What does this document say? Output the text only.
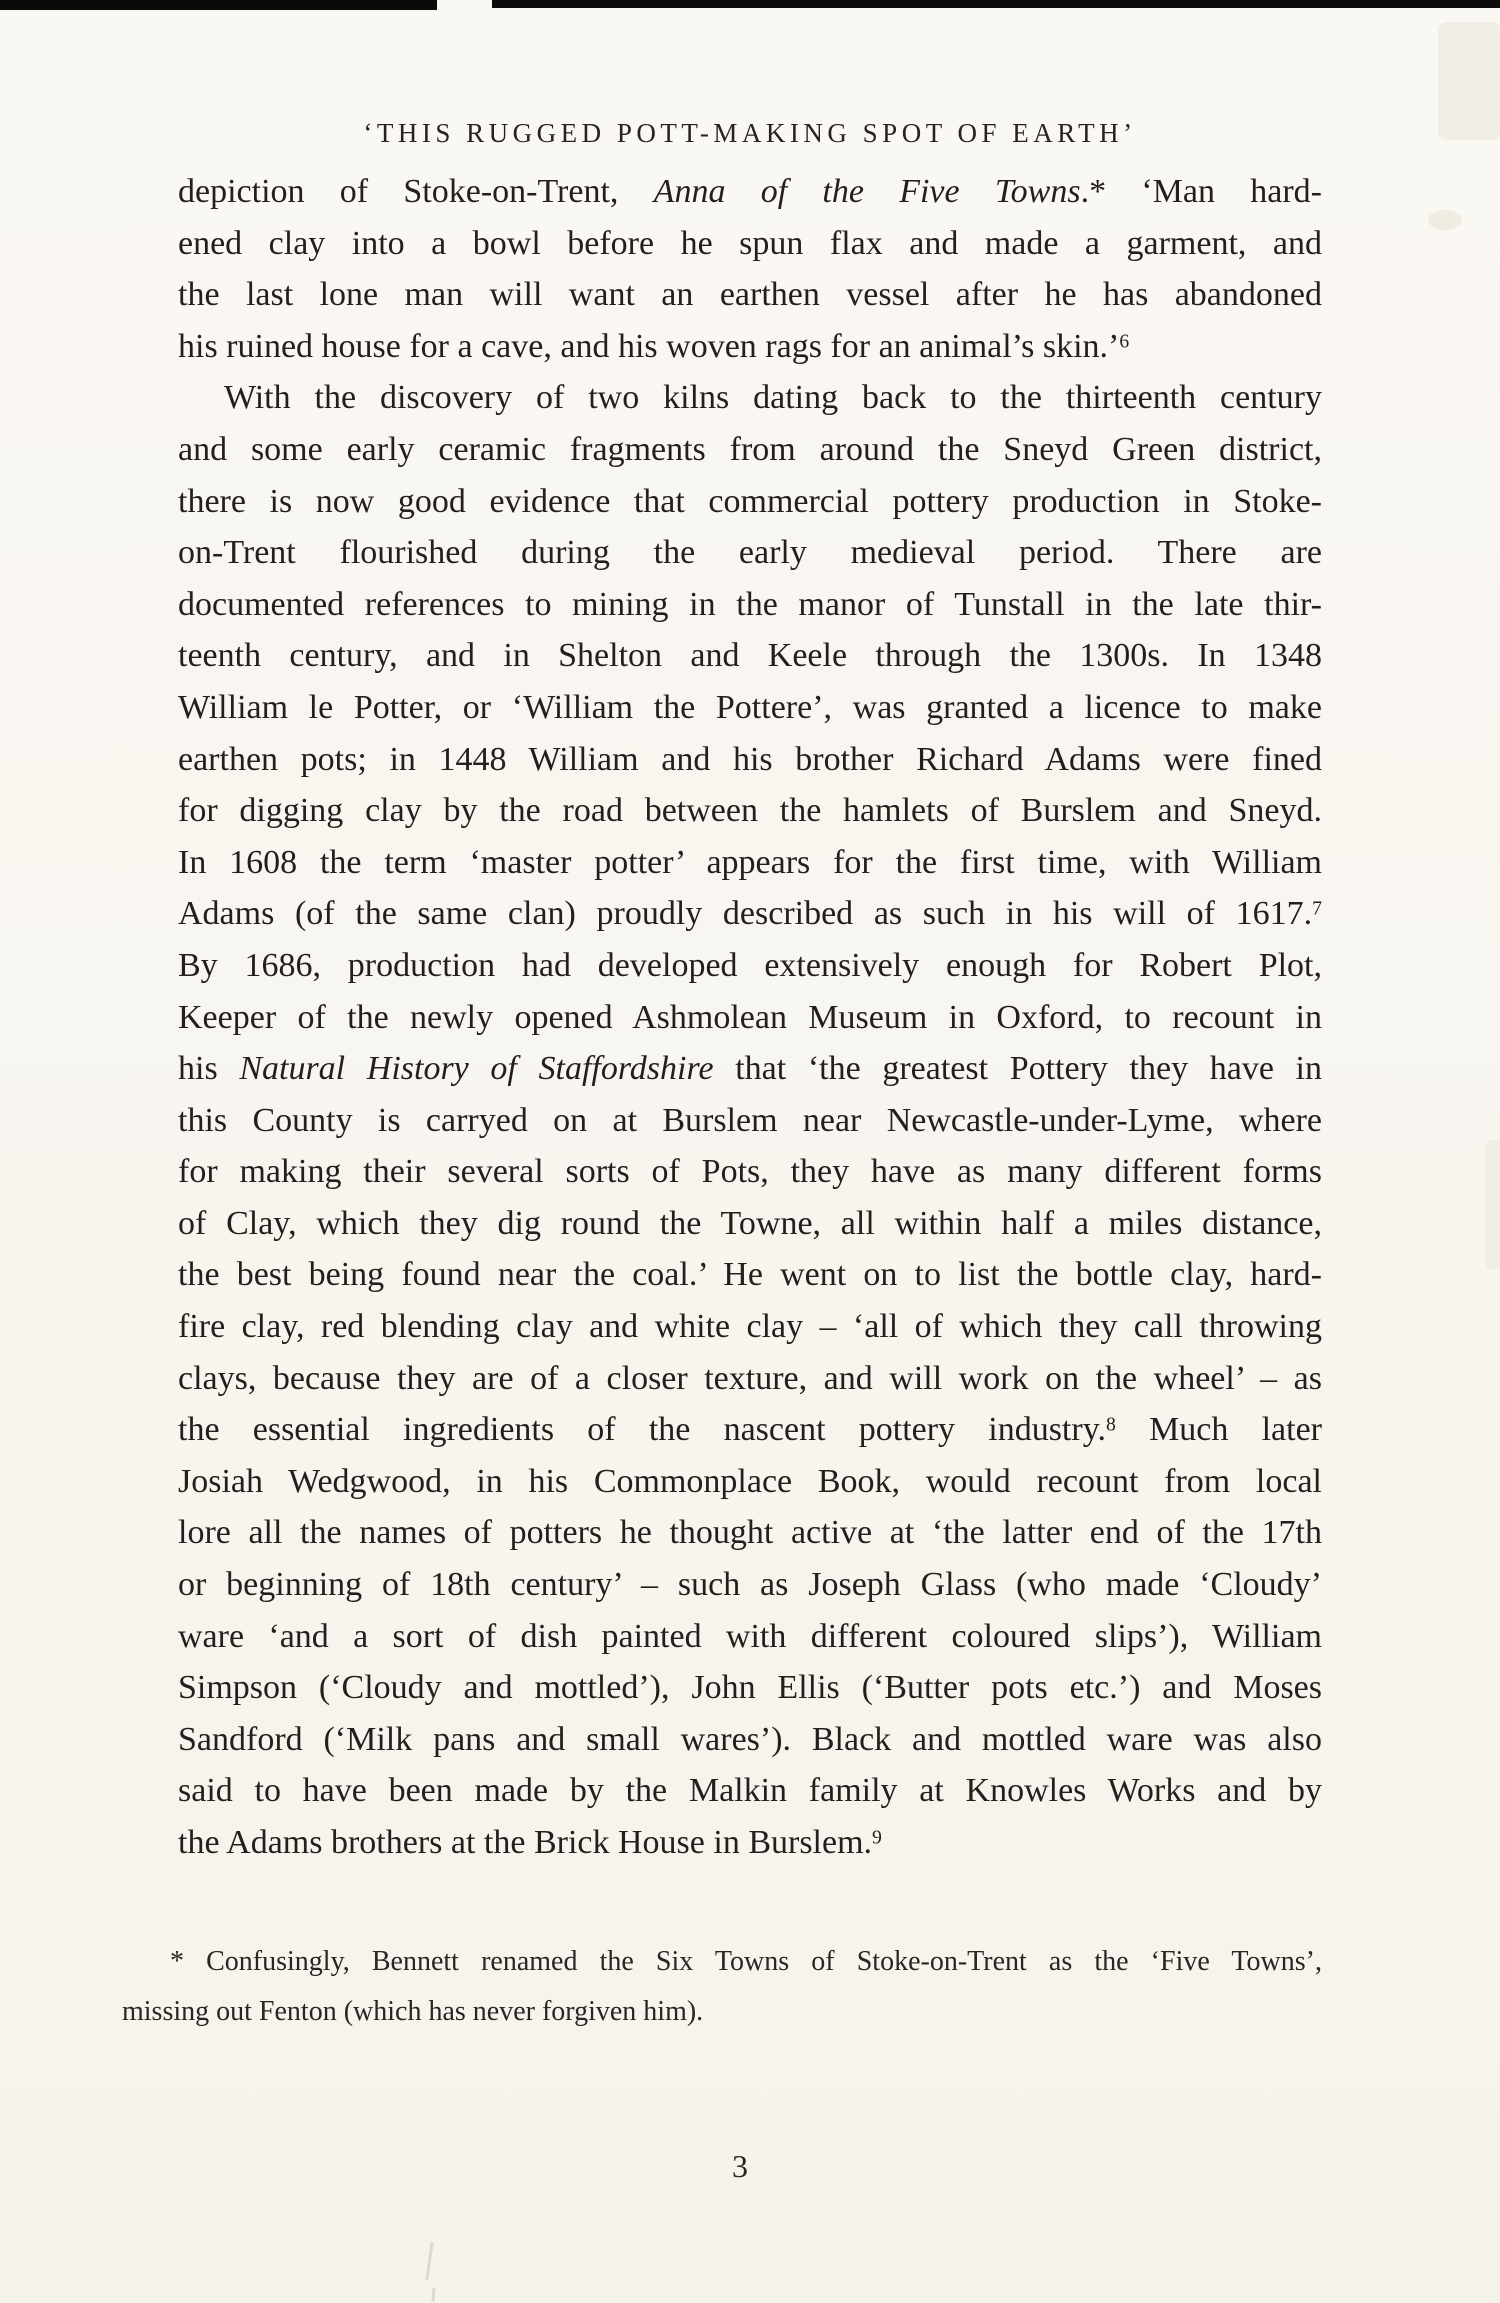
‘THIS RUGGED POTT-MAKING SPOT OF EARTH’
depiction of Stoke-on-Trent, Anna of the Five Towns.* ‘Man hard-
ened clay into a bowl before he spun flax and made a garment, and
the last lone man will want an earthen vessel after he has abandoned
his ruined house for a cave, and his woven rags for an animal’s skin.’$^6$
With the discovery of two kilns dating back to the thirteenth century
and some early ceramic fragments from around the Sneyd Green district,
there is now good evidence that commercial pottery production in Stoke-
on-Trent flourished during the early medieval period. There are
documented references to mining in the manor of Tunstall in the late thir-
teenth century, and in Shelton and Keele through the 1300s. In 1348
William le Potter, or ‘William the Pottere’, was granted a licence to make
earthen pots; in 1448 William and his brother Richard Adams were fined
for digging clay by the road between the hamlets of Burslem and Sneyd.
In 1608 the term ‘master potter’ appears for the first time, with William
Adams (of the same clan) proudly described as such in his will of 1617.$^7$
By 1686, production had developed extensively enough for Robert Plot,
Keeper of the newly opened Ashmolean Museum in Oxford, to recount in
his Natural History of Staffordshire that ‘the greatest Pottery they have in
this County is carryed on at Burslem near Newcastle-under-Lyme, where
for making their several sorts of Pots, they have as many different forms
of Clay, which they dig round the Towne, all within half a miles distance,
the best being found near the coal.’ He went on to list the bottle clay, hard-
fire clay, red blending clay and white clay – ‘all of which they call throwing
clays, because they are of a closer texture, and will work on the wheel’ – as
the essential ingredients of the nascent pottery industry.$^8$ Much later
Josiah Wedgwood, in his Commonplace Book, would recount from local
lore all the names of potters he thought active at ‘the latter end of the 17th
or beginning of 18th century’ – such as Joseph Glass (who made ‘Cloudy’
ware ‘and a sort of dish painted with different coloured slips’), William
Simpson (‘Cloudy and mottled’), John Ellis (‘Butter pots etc.’) and Moses
Sandford (‘Milk pans and small wares’). Black and mottled ware was also
said to have been made by the Malkin family at Knowles Works and by
the Adams brothers at the Brick House in Burslem.$^9$
* Confusingly, Bennett renamed the Six Towns of Stoke-on-Trent as the ‘Five Towns’,
missing out Fenton (which has never forgiven him).
3
